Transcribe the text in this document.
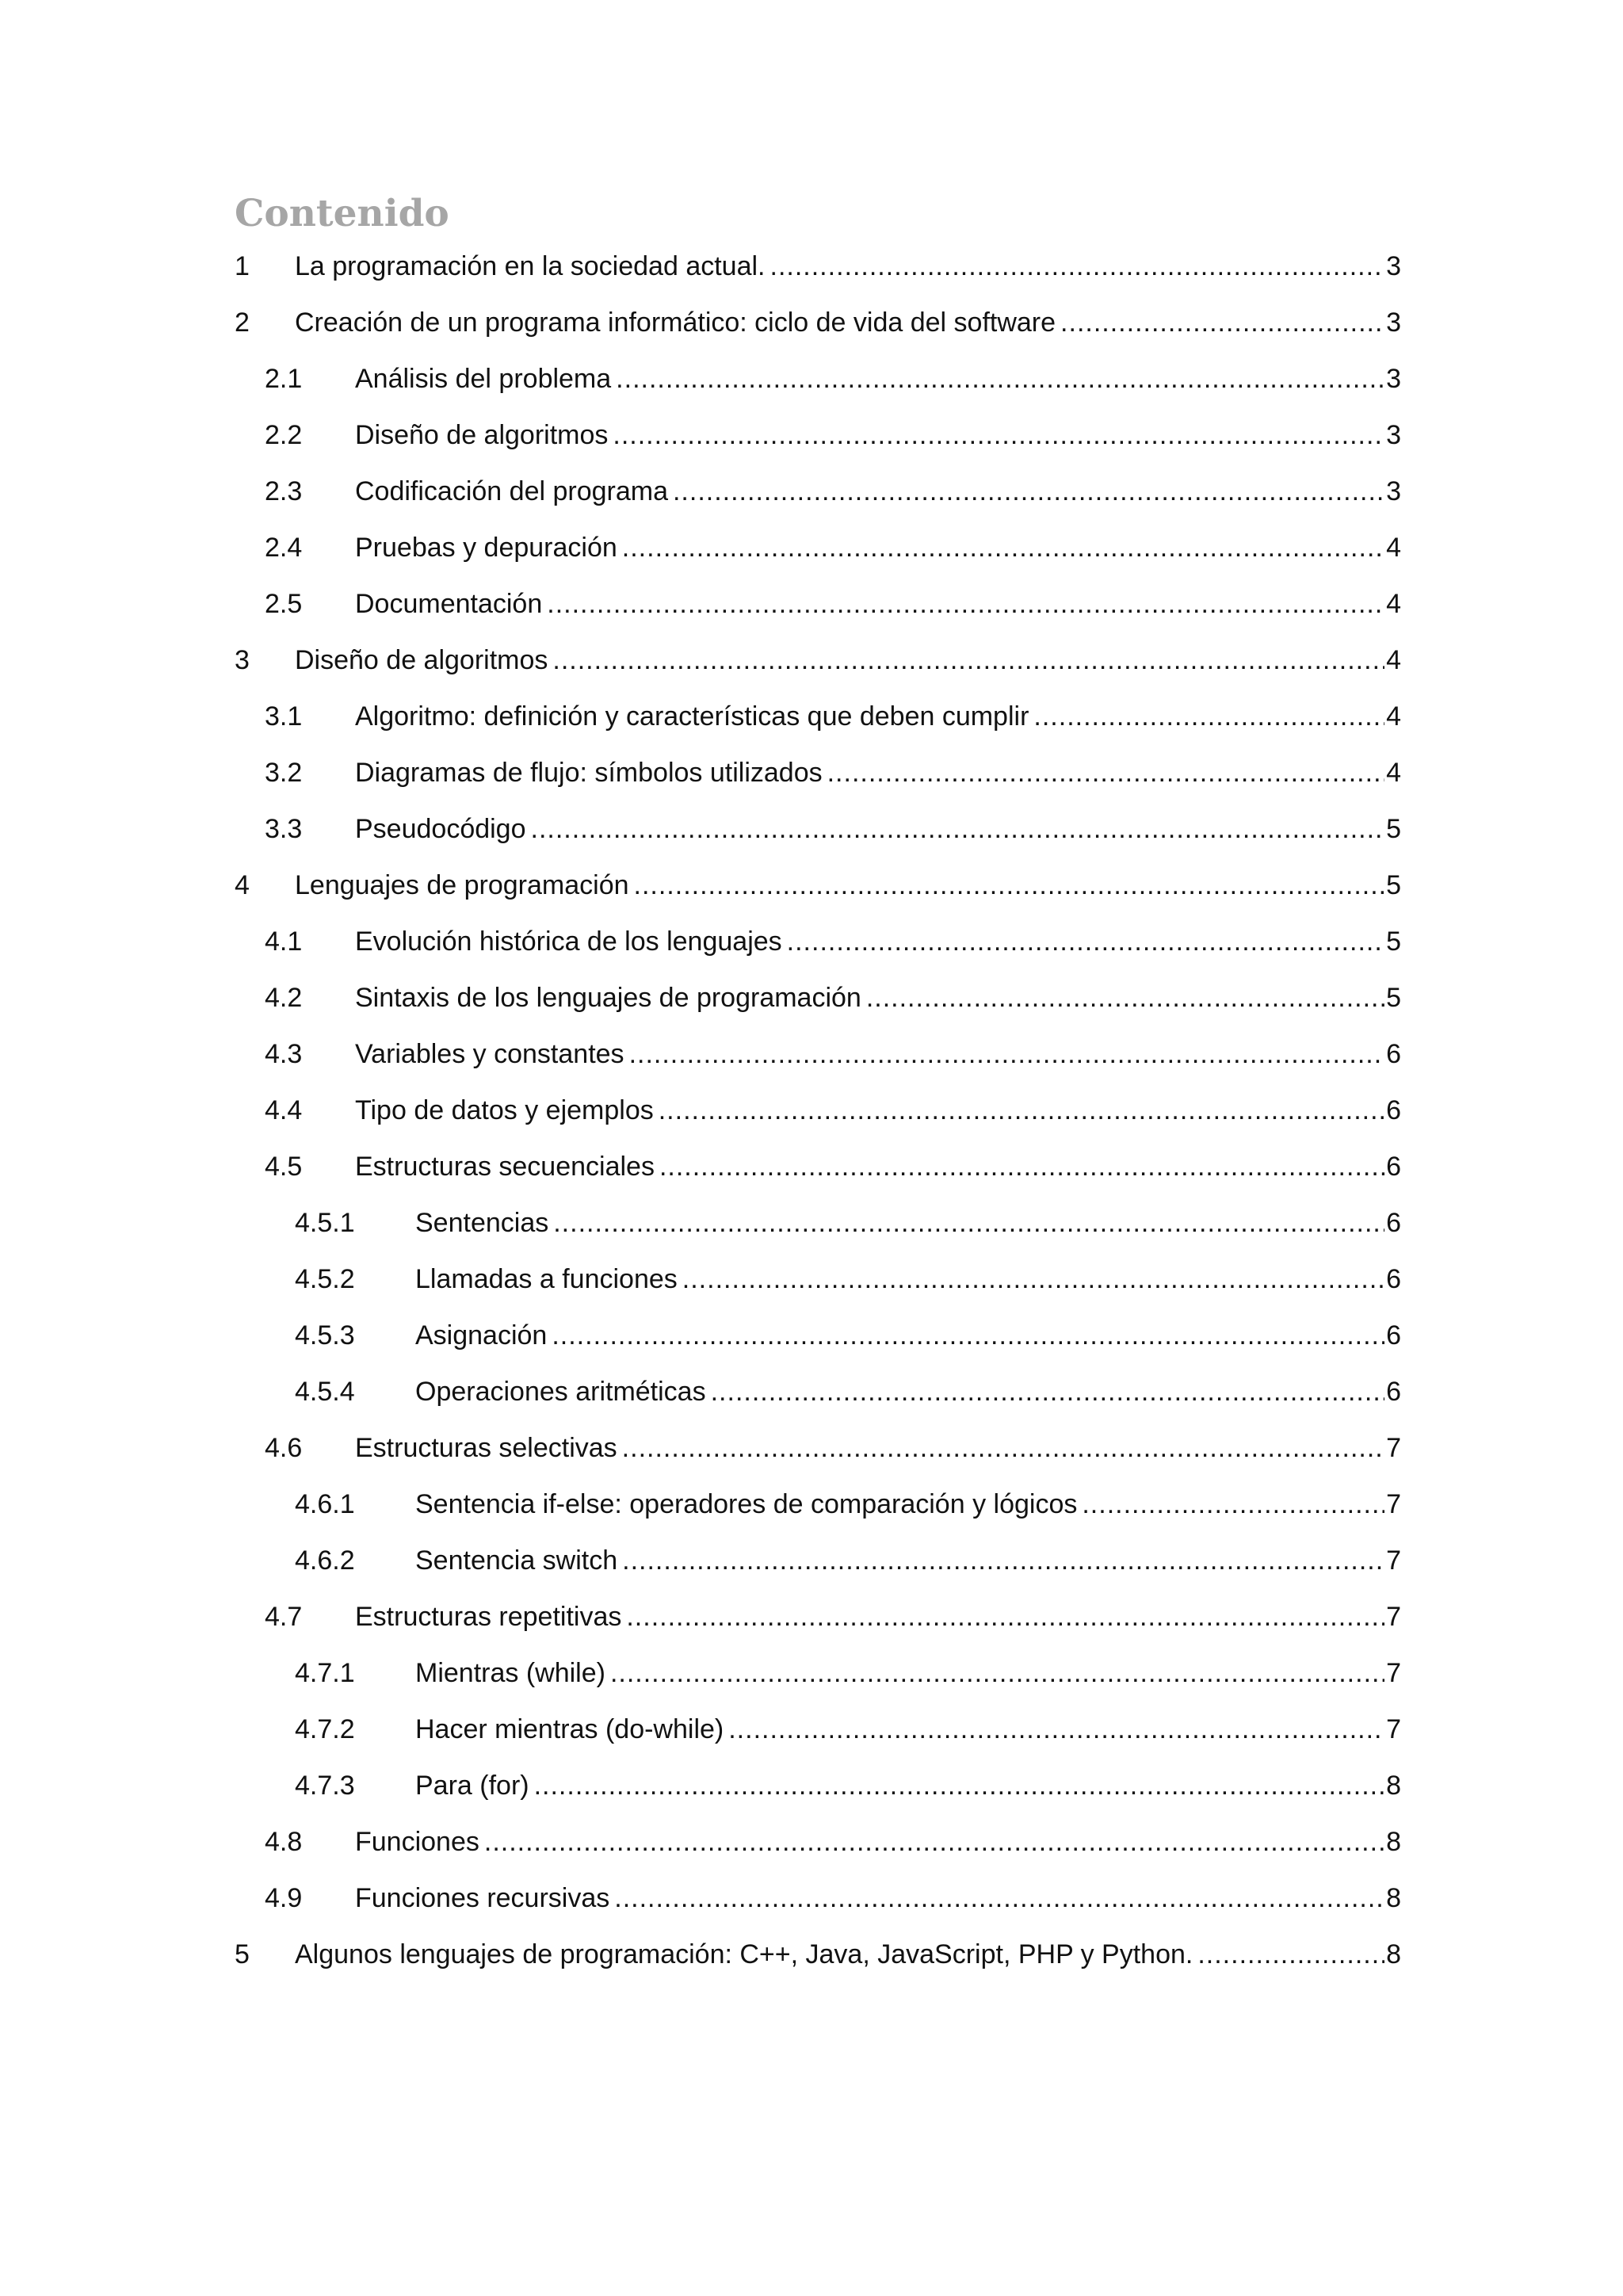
Contenido
1	La programación en la sociedad actual. .....	3
2	Creación de un programa informático: ciclo de vida del software .....	3
2.1	Análisis del problema .....	3
2.2	Diseño de algoritmos .....	3
2.3	Codificación del programa .....	3
2.4	Pruebas y depuración .....	4
2.5	Documentación .....	4
3	Diseño de algoritmos .....	4
3.1	Algoritmo: definición y características que deben cumplir .....	4
3.2	Diagramas de flujo: símbolos utilizados .....	4
3.3	Pseudocódigo .....	5
4	Lenguajes de programación .....	5
4.1	Evolución histórica de los lenguajes .....	5
4.2	Sintaxis de los lenguajes de programación .....	5
4.3	Variables y constantes .....	6
4.4	Tipo de datos y ejemplos .....	6
4.5	Estructuras secuenciales .....	6
4.5.1	Sentencias .....	6
4.5.2	Llamadas a funciones .....	6
4.5.3	Asignación .....	6
4.5.4	Operaciones aritméticas .....	6
4.6	Estructuras selectivas .....	7
4.6.1	Sentencia if-else: operadores de comparación y lógicos .....	7
4.6.2	Sentencia switch .....	7
4.7	Estructuras repetitivas .....	7
4.7.1	Mientras (while) .....	7
4.7.2	Hacer mientras (do-while) .....	7
4.7.3	Para (for) .....	8
4.8	Funciones .....	8
4.9	Funciones recursivas .....	8
5	Algunos lenguajes de programación: C++, Java, JavaScript, PHP y Python. .....	8
